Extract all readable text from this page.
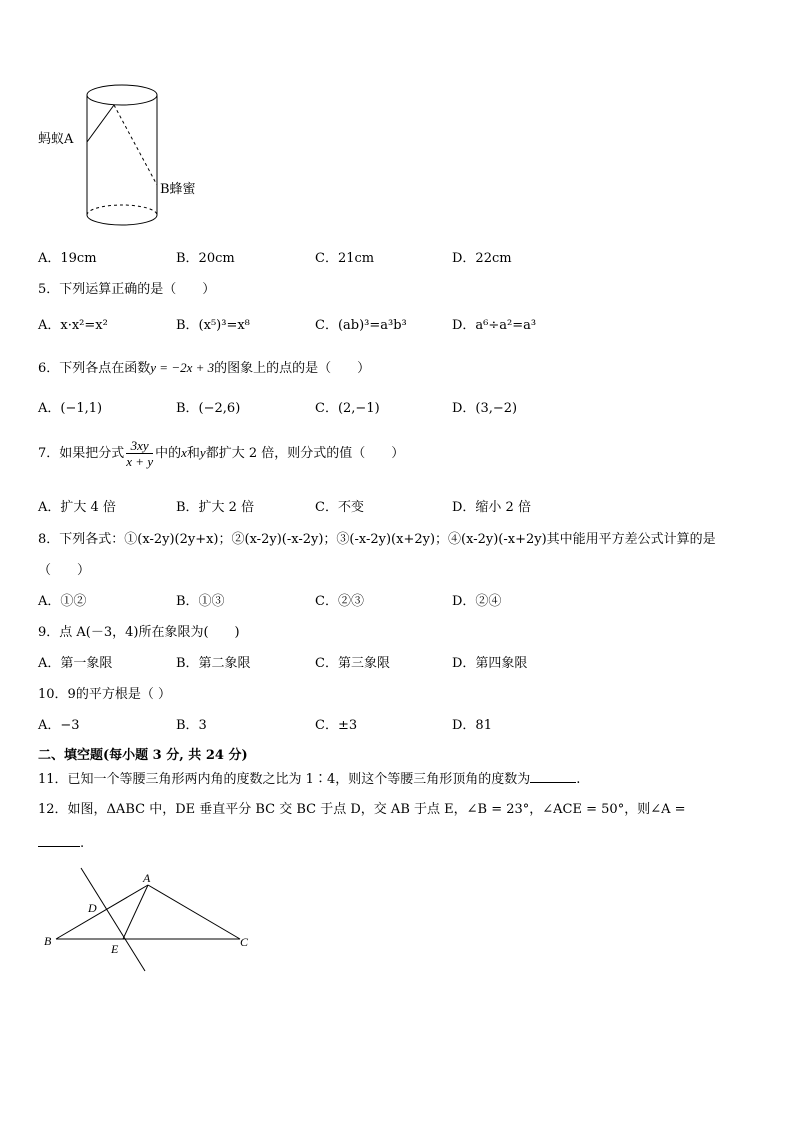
蚂蚁A
B蜂蜜
A．19cm	B．20cm	C．21cm	D．22cm
5．下列运算正确的是（　　）
A．x·x²=x²	B．(x⁵)³=x⁸	C．(ab)³=a³b³	D．a⁶÷a²=a³
6．下列各点在函数y = −2x + 3的图象上的点的是（　　）
A．(−1,1)	B．(−2,6)	C．(2,−1)	D．(3,−2)
7．如果把分式 $\frac{3xy}{x + y}$ 中的x和y都扩大 2 倍，则分式的值（　　）
A．扩大 4 倍	B．扩大 2 倍	C．不变	D．缩小 2 倍
8．下列各式：①(x-2y)(2y+x)；②(x-2y)(-x-2y)；③(-x-2y)(x+2y)；④(x-2y)(-x+2y)其中能用平方差公式计算的是
（　　）
A．①②	B．①③	C．②③	D．②④
9．点 A(－3，4)所在象限为(　　)
A．第一象限	B．第二象限	C．第三象限	D．第四象限
10．9的平方根是（ ）
A．−3	B．3	C．±3	D．81
二、填空题(每小题 3 分, 共 24 分)
11．已知一个等腰三角形两内角的度数之比为 1∶4，则这个等腰三角形顶角的度数为	.
12．如图，ΔABC 中，DE 垂直平分 BC 交 BC 于点 D，交 AB 于点 E，∠B = 23°，∠ACE = 50°，则∠A =
.
A
B	C
D
E
